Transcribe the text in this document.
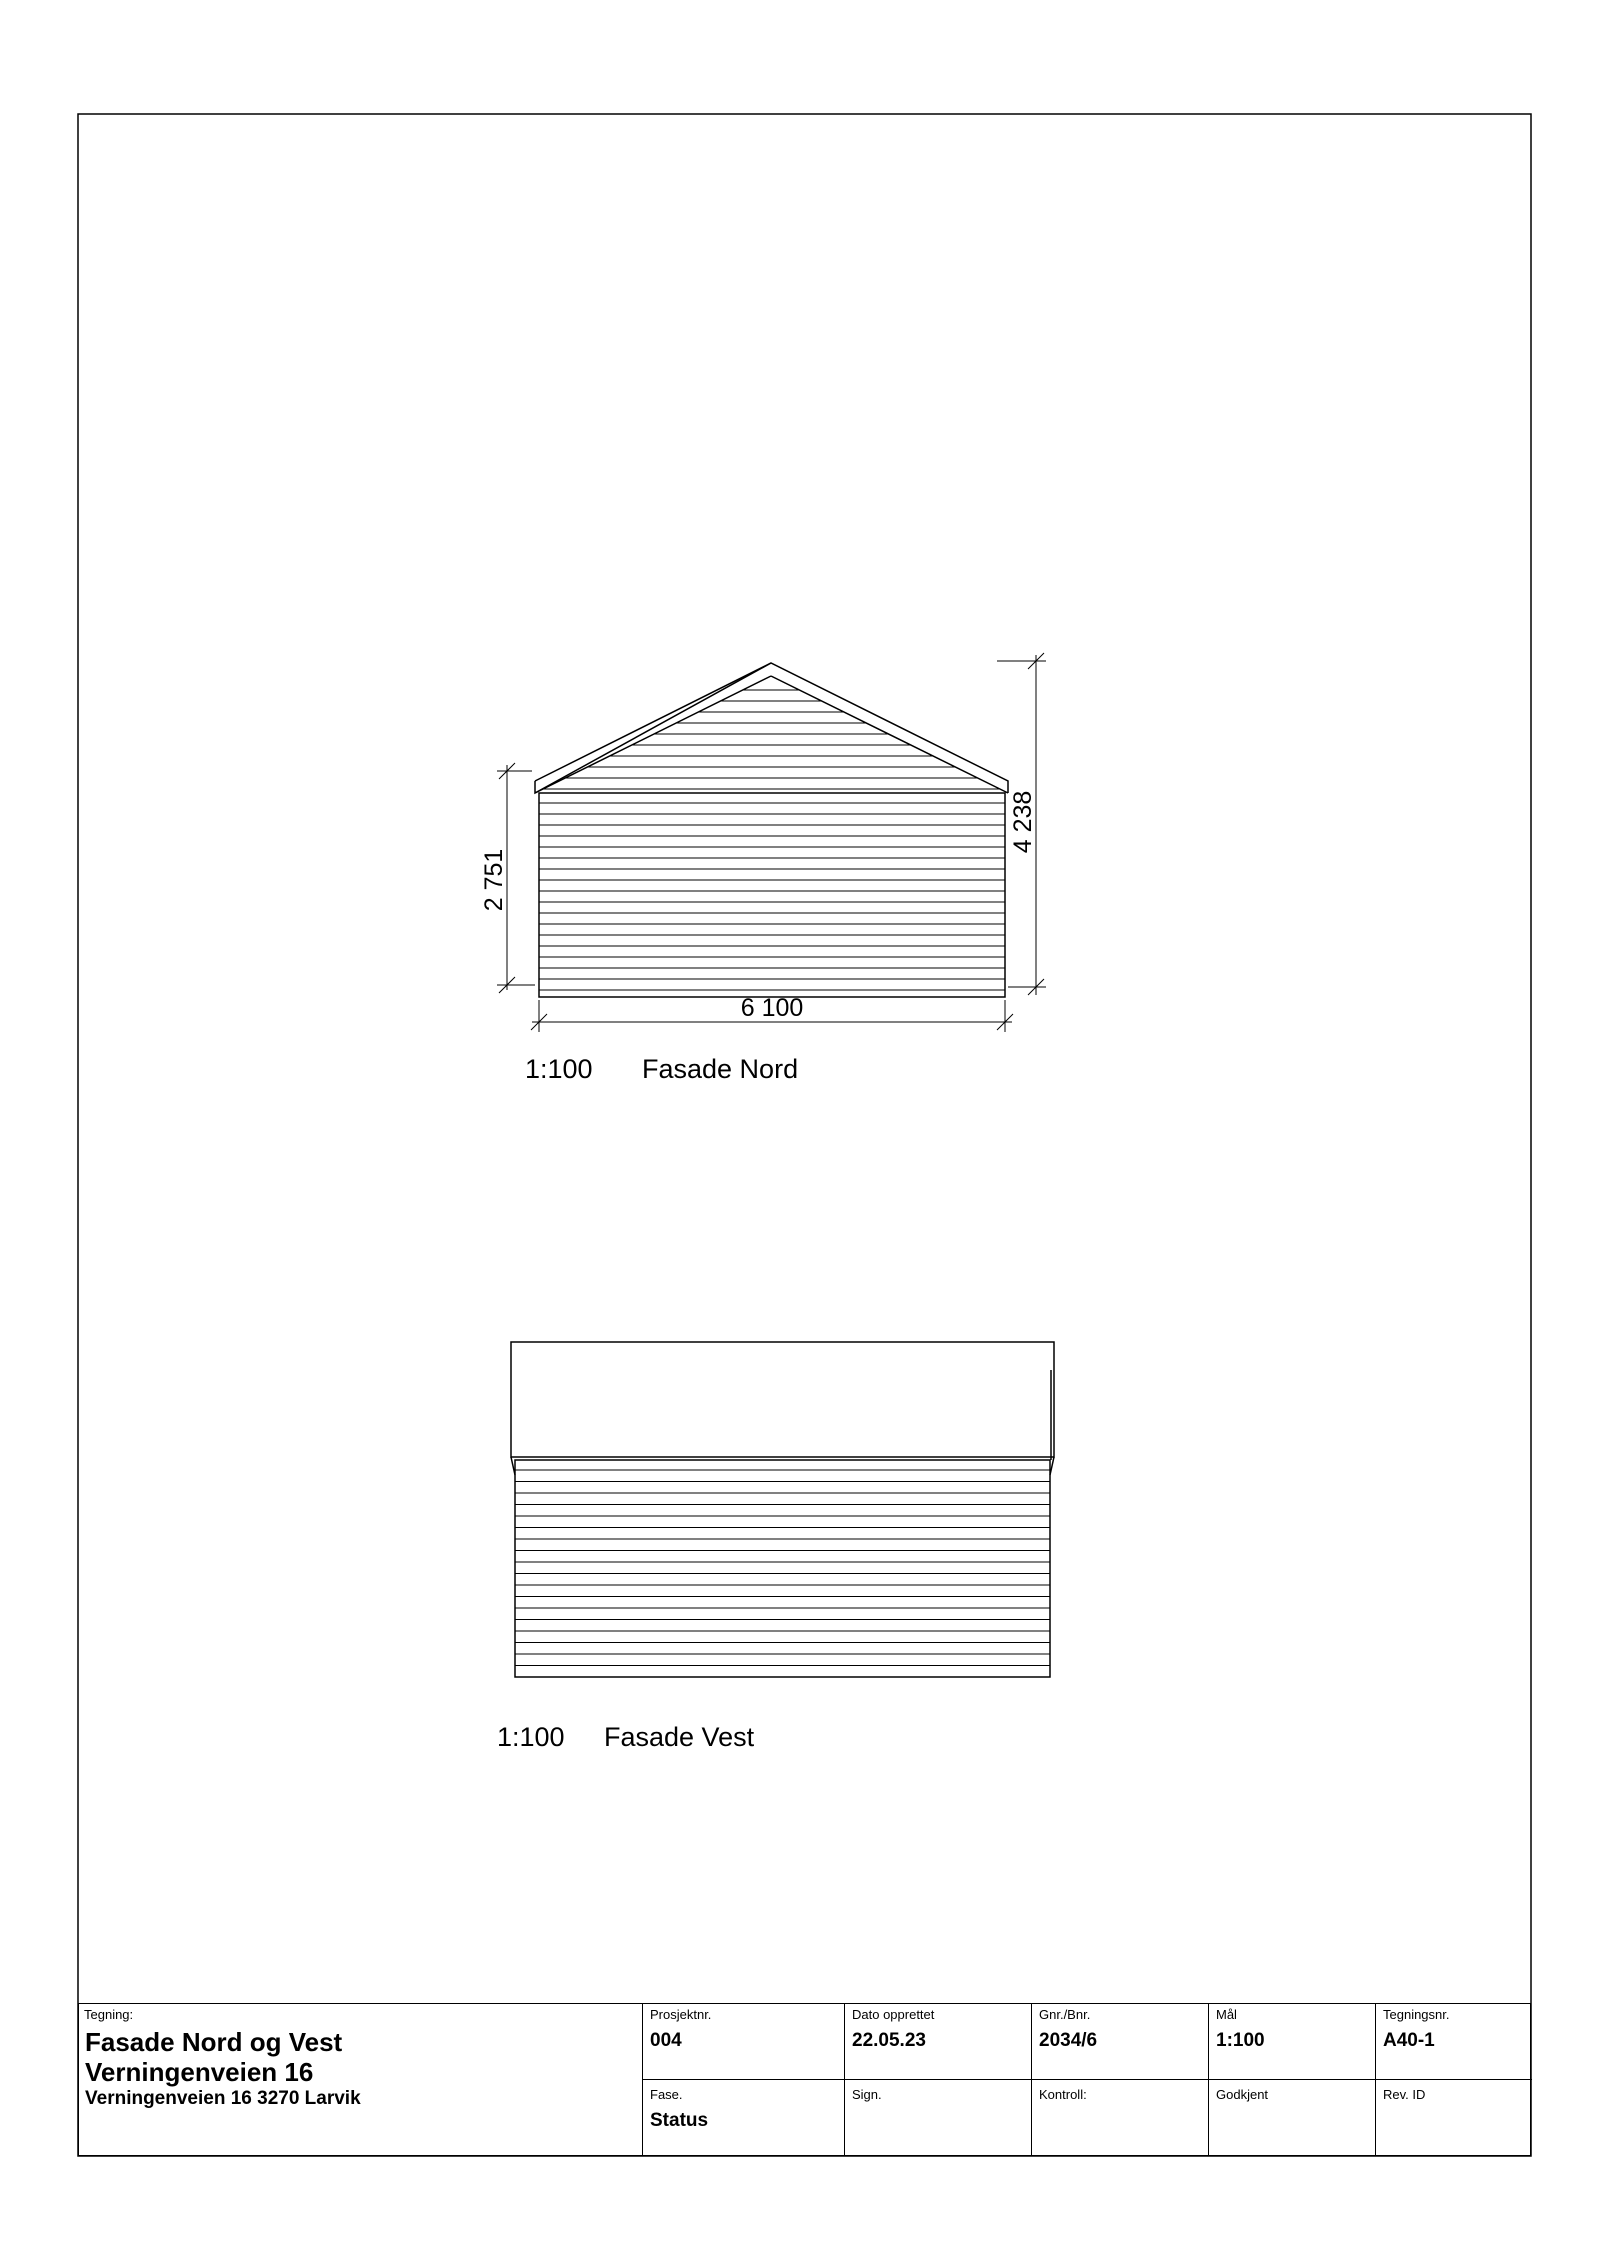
6 100
2 751
4 238
1:100 Fasade Nord
1:100 Fasade Vest
Tegning:
Fasade Nord og Vest
Verningenveien 16
Verningenveien 16 3270 Larvik
Prosjektnr.
004
Dato opprettet
22.05.23
Gnr./Bnr.
2034/6
Mål
1:100
Tegningsnr.
A40-1
Fase.
Status
Sign.	Kontroll:	Godkjent	Rev. ID
